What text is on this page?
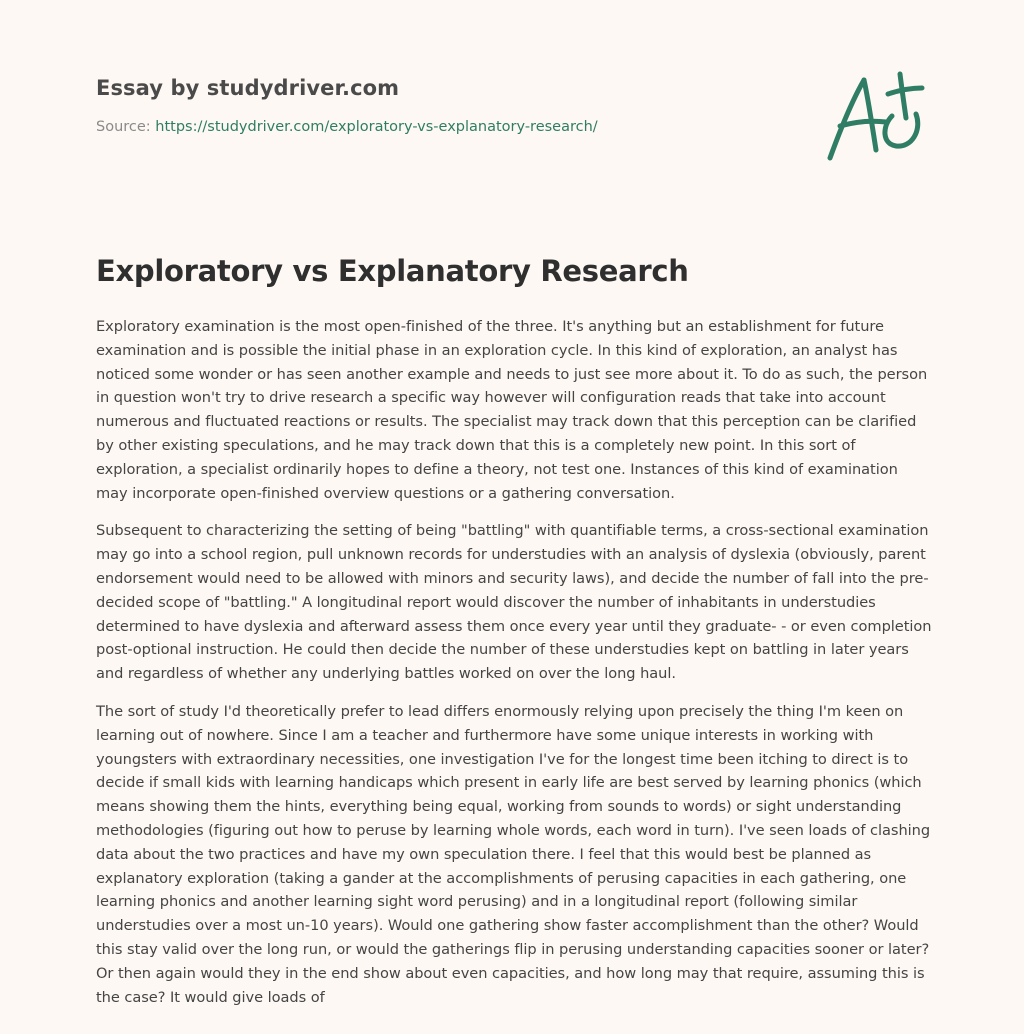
Essay by studydriver.com
Source: https://studydriver.com/exploratory-vs-explanatory-research/
Exploratory vs Explanatory Research

Exploratory examination is the most open-finished of the three. It's anything but an establishment for future examination and is possible the initial phase in an exploration cycle. In this kind of exploration, an analyst has noticed some wonder or has seen another example and needs to just see more about it. To do as such, the person in question won't try to drive research a specific way however will configuration reads that take into account numerous and fluctuated reactions or results. The specialist may track down that this perception can be clarified by other existing speculations, and he may track down that this is a completely new point. In this sort of exploration, a specialist ordinarily hopes to define a theory, not test one. Instances of this kind of examination may incorporate open-finished overview questions or a gathering conversation.

Subsequent to characterizing the setting of being "battling" with quantifiable terms, a cross-sectional examination may go into a school region, pull unknown records for understudies with an analysis of dyslexia (obviously, parent endorsement would need to be allowed with minors and security laws), and decide the number of fall into the pre-decided scope of "battling." A longitudinal report would discover the number of inhabitants in understudies determined to have dyslexia and afterward assess them once every year until they graduate- - or even completion post-optional instruction. He could then decide the number of these understudies kept on battling in later years and regardless of whether any underlying battles worked on over the long haul.

The sort of study I'd theoretically prefer to lead differs enormously relying upon precisely the thing I'm keen on learning out of nowhere. Since I am a teacher and furthermore have some unique interests in working with youngsters with extraordinary necessities, one investigation I've for the longest time been itching to direct is to decide if small kids with learning handicaps which present in early life are best served by learning phonics (which means showing them the hints, everything being equal, working from sounds to words) or sight understanding methodologies (figuring out how to peruse by learning whole words, each word in turn). I've seen loads of clashing data about the two practices and have my own speculation there. I feel that this would best be planned as explanatory exploration (taking a gander at the accomplishments of perusing capacities in each gathering, one learning phonics and another learning sight word perusing) and in a longitudinal report (following similar understudies over a most un-10 years). Would one gathering show faster accomplishment than the other? Would this stay valid over the long run, or would the gatherings flip in perusing understanding capacities sooner or later? Or then again would they in the end show about even capacities, and how long may that require, assuming this is the case? It would give loads of
